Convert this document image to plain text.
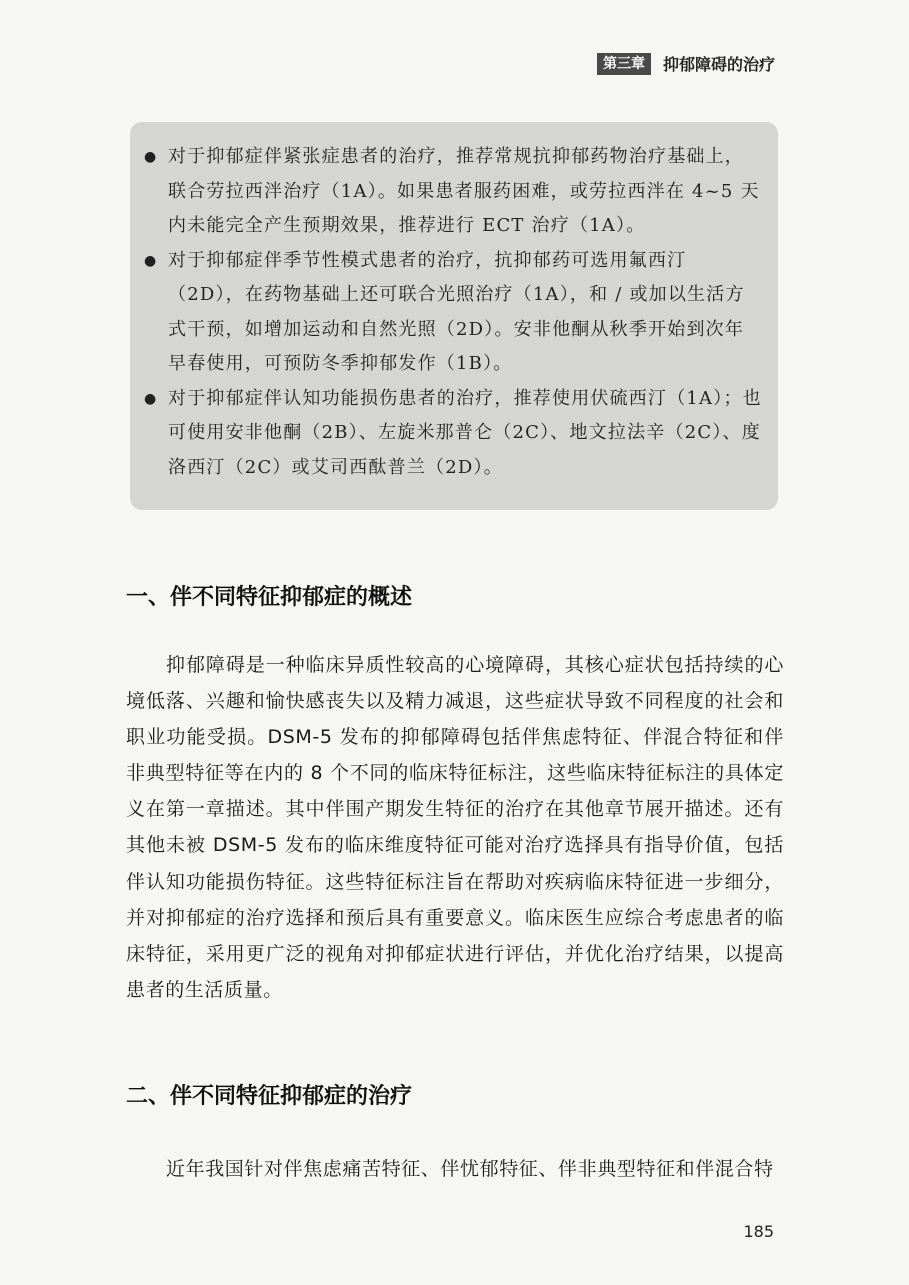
第三章	抑郁障碍的治疗
● 对于抑郁症伴紧张症患者的治疗，推荐常规抗抑郁药物治疗基础上，联合劳拉西泮治疗（1A）。如果患者服药困难，或劳拉西泮在 4~5 天内未能完全产生预期效果，推荐进行 ECT 治疗（1A）。
● 对于抑郁症伴季节性模式患者的治疗，抗抑郁药可选用氟西汀（2D），在药物基础上还可联合光照治疗（1A），和 / 或加以生活方式干预，如增加运动和自然光照（2D）。安非他酮从秋季开始到次年早春使用，可预防冬季抑郁发作（1B）。
● 对于抑郁症伴认知功能损伤患者的治疗，推荐使用伏硫西汀（1A）；也可使用安非他酮（2B）、左旋米那普仑（2C）、地文拉法辛（2C）、度洛西汀（2C）或艾司西酞普兰（2D）。
一、伴不同特征抑郁症的概述
抑郁障碍是一种临床异质性较高的心境障碍，其核心症状包括持续的心境低落、兴趣和愉快感丧失以及精力减退，这些症状导致不同程度的社会和职业功能受损。DSM-5 发布的抑郁障碍包括伴焦虑特征、伴混合特征和伴非典型特征等在内的 8 个不同的临床特征标注，这些临床特征标注的具体定义在第一章描述。其中伴围产期发生特征的治疗在其他章节展开描述。还有其他未被 DSM-5 发布的临床维度特征可能对治疗选择具有指导价值，包括伴认知功能损伤特征。这些特征标注旨在帮助对疾病临床特征进一步细分，并对抑郁症的治疗选择和预后具有重要意义。临床医生应综合考虑患者的临床特征，采用更广泛的视角对抑郁症状进行评估，并优化治疗结果，以提高患者的生活质量。
二、伴不同特征抑郁症的治疗
近年我国针对伴焦虑痛苦特征、伴忧郁特征、伴非典型特征和伴混合特
185
